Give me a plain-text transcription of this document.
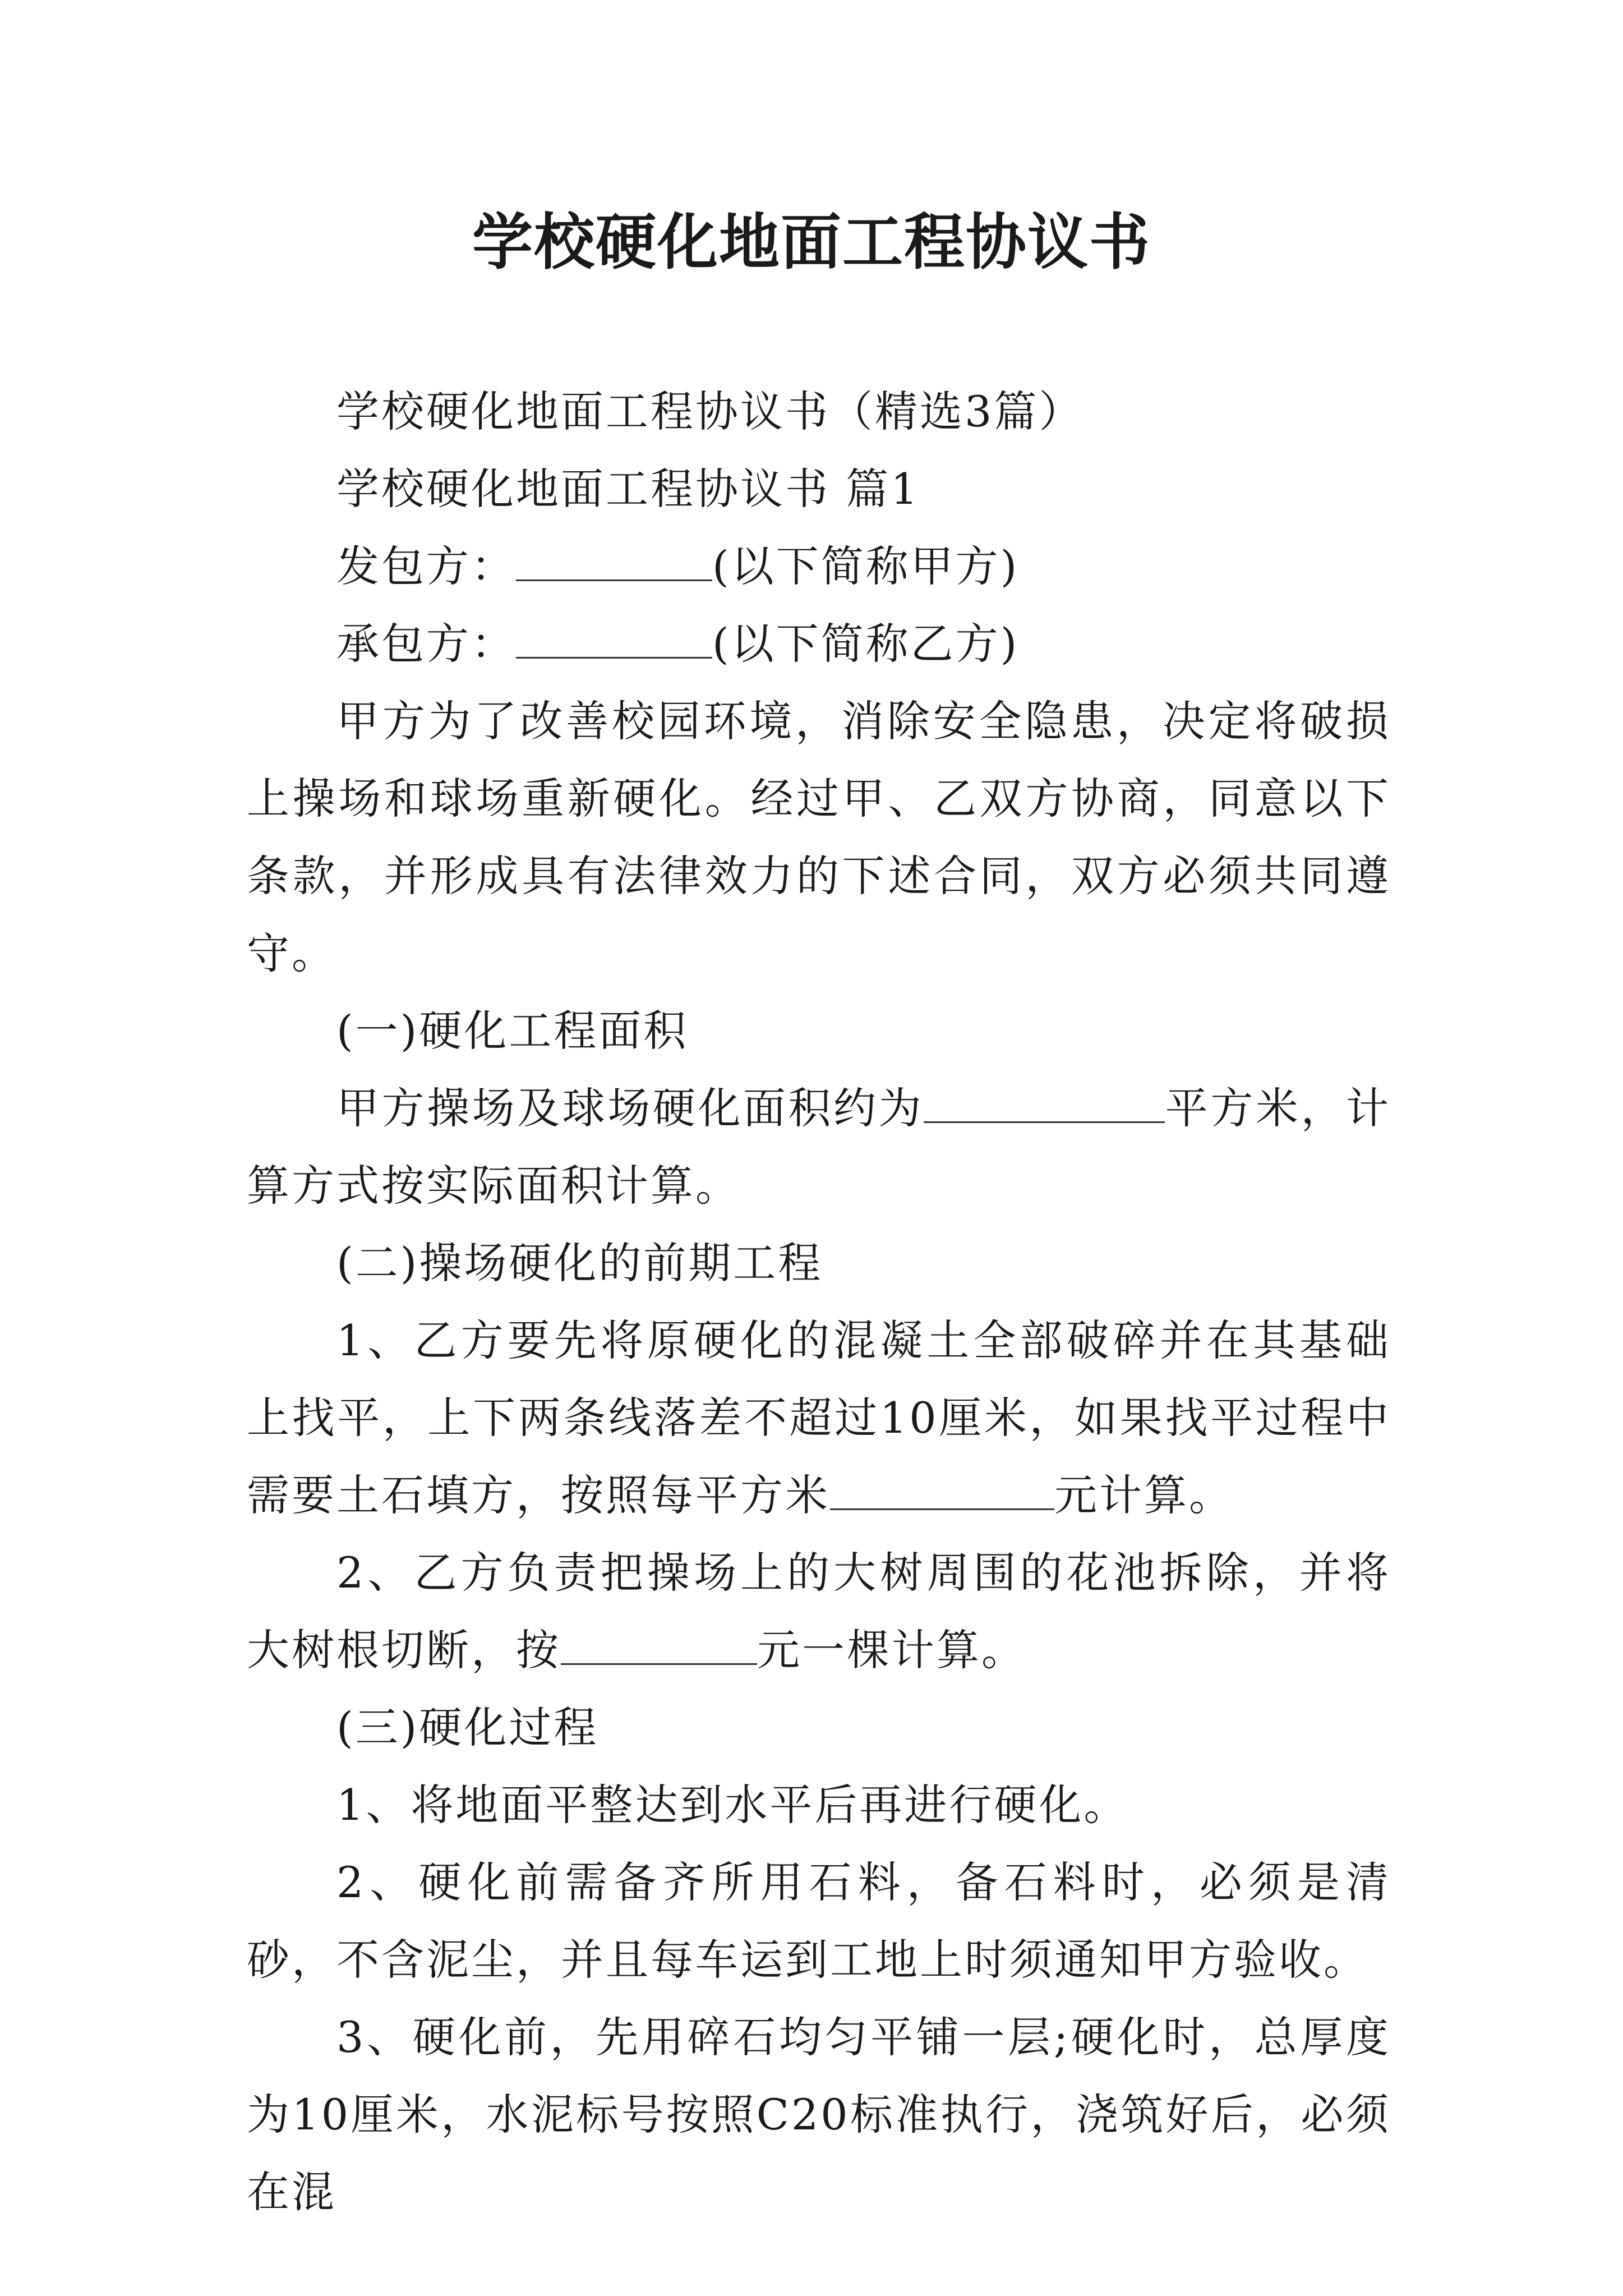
学校硬化地面工程协议书

学校硬化地面工程协议书（精选3篇）

学校硬化地面工程协议书 篇1

发包方：	(以下简称甲方)

承包方：	(以下简称乙方)

甲方为了改善校园环境，消除安全隐患，决定将破损上操场和球场重新硬化。经过甲、乙双方协商，同意以下条款，并形成具有法律效力的下述合同，双方必须共同遵守。

(一)硬化工程面积

甲方操场及球场硬化面积约为	平方米，计算方式按实际面积计算。

(二)操场硬化的前期工程

1、乙方要先将原硬化的混凝土全部破碎并在其基础上找平，上下两条线落差不超过10厘米，如果找平过程中需要土石填方，按照每平方米	元计算。

2、乙方负责把操场上的大树周围的花池拆除，并将大树根切断，按	元一棵计算。

(三)硬化过程

1、将地面平整达到水平后再进行硬化。

2、硬化前需备齐所用石料，备石料时，必须是清砂，不含泥尘，并且每车运到工地上时须通知甲方验收。

3、硬化前，先用碎石均匀平铺一层;硬化时，总厚度为10厘米，水泥标号按照C20标准执行，浇筑好后，必须在混
